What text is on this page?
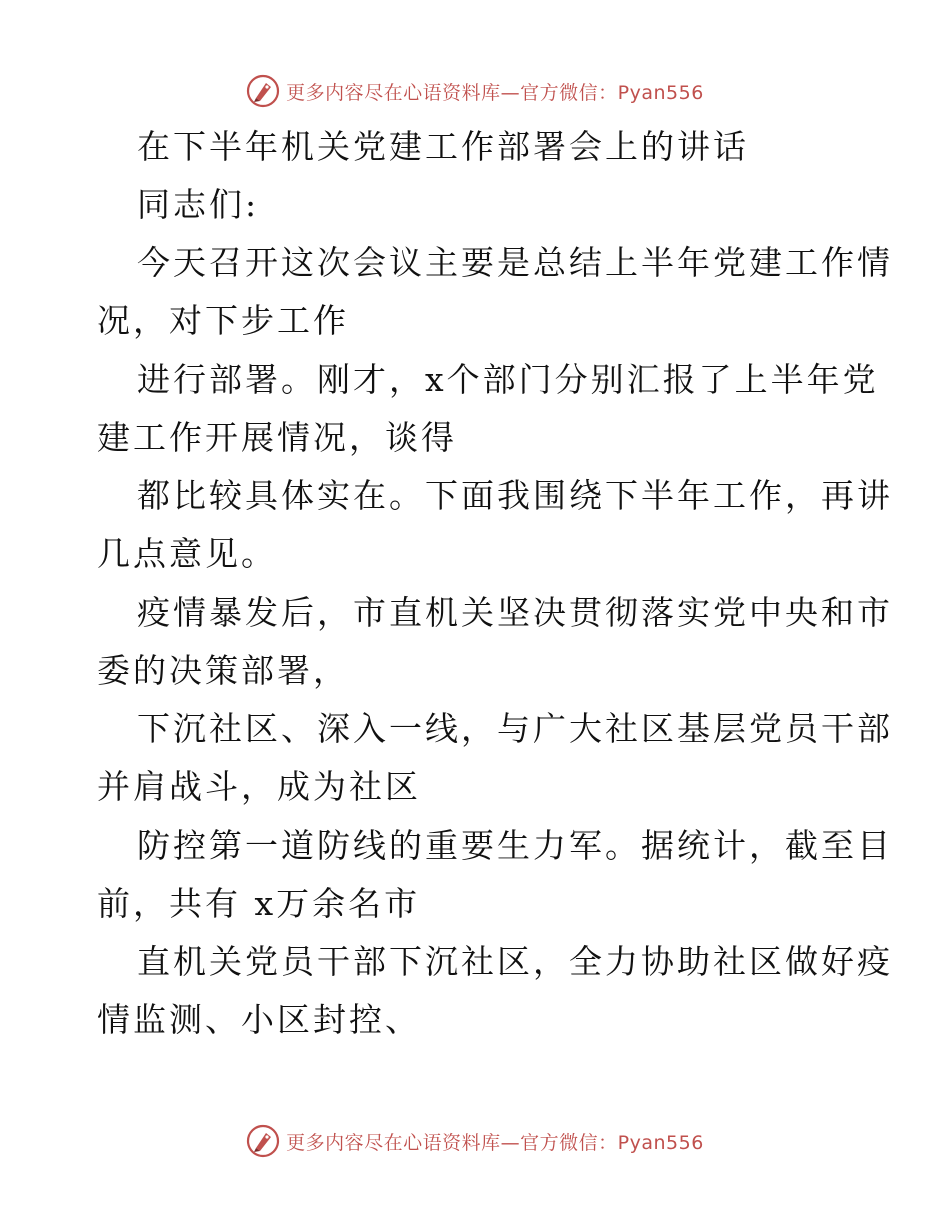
更多内容尽在心语资料库—官方微信：Pyan556
在下半年机关党建工作部署会上的讲话
同志们:
今天召开这次会议主要是总结上半年党建工作情
况，对下步工作
进行部署。刚才，x个部门分别汇报了上半年党
建工作开展情况，谈得
都比较具体实在。下面我围绕下半年工作，再讲
几点意见。
疫情暴发后，市直机关坚决贯彻落实党中央和市
委的决策部署，
下沉社区、深入一线，与广大社区基层党员干部
并肩战斗，成为社区
防控第一道防线的重要生力军。据统计，截至目
前，共有 x万余名市
直机关党员干部下沉社区，全力协助社区做好疫
情监测、小区封控、
更多内容尽在心语资料库—官方微信：Pyan556
